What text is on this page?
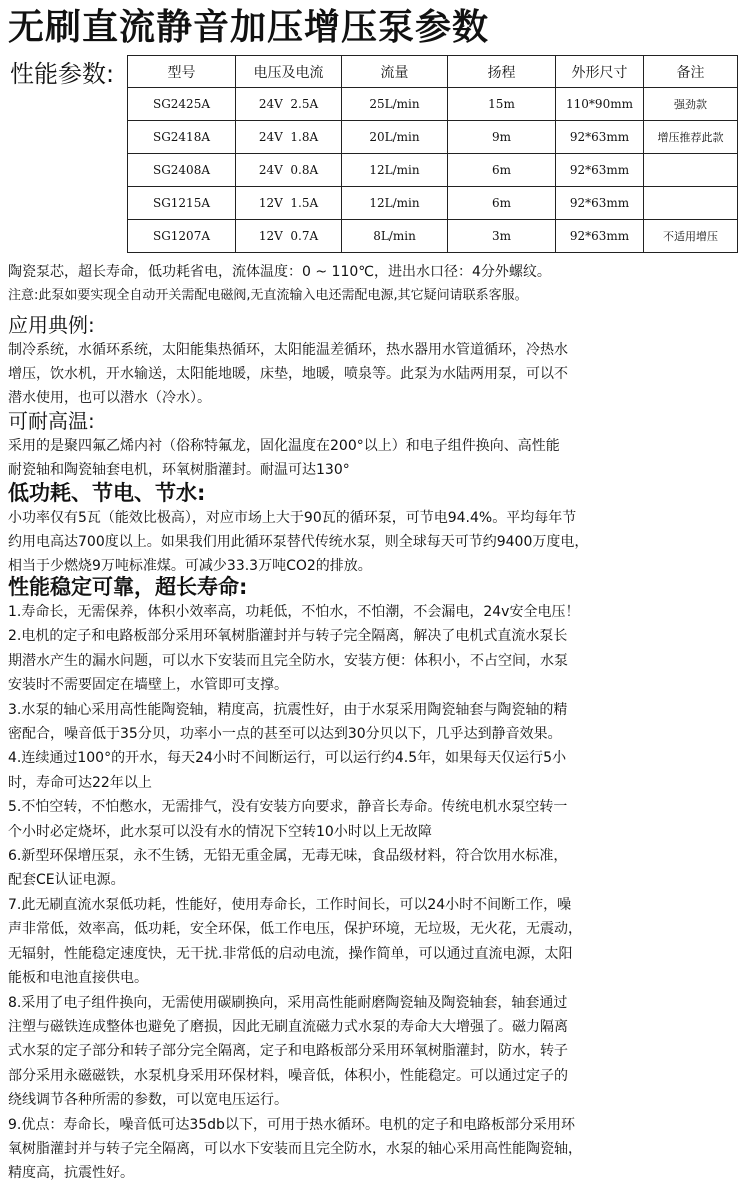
无刷直流静音加压增压泵参数
性能参数:	型号	电压及电流	流量	扬程	外形尺寸	备注
SG2425A	24V  2.5A	25L/min	15m	110*90mm	强劲款
SG2418A	24V  1.8A	20L/min	9m	92*63mm	增压推荐此款
SG2408A	24V  0.8A	12L/min	6m	92*63mm	
SG1215A	12V  1.5A	12L/min	6m	92*63mm	
SG1207A	12V  0.7A	8L/min	3m	92*63mm	不适用增压

陶瓷泵芯，超长寿命，低功耗省电，流体温度：0 ~ 110℃，进出水口径：4分外螺纹。

注意:此泵如要实现全自动开关需配电磁阀,无直流输入电还需配电源,其它疑问请联系客服。

应用典例:

制冷系统，水循环系统，太阳能集热循环，太阳能温差循环，热水器用水管道循环，冷热水

增压，饮水机，开水输送，太阳能地暖，床垫，地暖，喷泉等。此泵为水陆两用泵，可以不

潜水使用，也可以潜水（冷水）。

可耐高温:

采用的是聚四氟乙烯内衬（俗称特氟龙，固化温度在200°以上）和电子组件换向、高性能

耐瓷轴和陶瓷轴套电机，环氧树脂灌封。耐温可达130°

低功耗、节电、节水:

小功率仅有5瓦（能效比极高），对应市场上大于90瓦的循环泵，可节电94.4%。平均每年节

约用电高达700度以上。如果我们用此循环泵替代传统水泵，则全球每天可节约9400万度电，

相当于少燃烧9万吨标准煤。可减少33.3万吨CO2的排放。

性能稳定可靠，超长寿命:

1.寿命长，无需保养，体积小效率高，功耗低，不怕水，不怕潮，不会漏电，24v安全电压！

2.电机的定子和电路板部分采用环氧树脂灌封并与转子完全隔离，解决了电机式直流水泵长

期潜水产生的漏水问题，可以水下安装而且完全防水，安装方便：体积小，不占空间，水泵

安装时不需要固定在墙壁上，水管即可支撑。

3.水泵的轴心采用高性能陶瓷轴，精度高，抗震性好，由于水泵采用陶瓷轴套与陶瓷轴的精

密配合，噪音低于35分贝，功率小一点的甚至可以达到30分贝以下，几乎达到静音效果。

4.连续通过100°的开水，每天24小时不间断运行，可以运行约4.5年，如果每天仅运行5小

时，寿命可达22年以上

5.不怕空转，不怕憋水，无需排气，没有安装方向要求，静音长寿命。传统电机水泵空转一

个小时必定烧坏，此水泵可以没有水的情况下空转10小时以上无故障

6.新型环保增压泵，永不生锈，无铅无重金属，无毒无味，食品级材料，符合饮用水标准，

配套CE认证电源。

7.此无刷直流水泵低功耗，性能好，使用寿命长，工作时间长，可以24小时不间断工作，噪

声非常低，效率高，低功耗，安全环保，低工作电压，保护环境，无垃圾，无火花，无震动，

无辐射，性能稳定速度快，无干扰.非常低的启动电流，操作简单，可以通过直流电源，太阳

能板和电池直接供电。

8.采用了电子组件换向，无需使用碳刷换向，采用高性能耐磨陶瓷轴及陶瓷轴套，轴套通过

注塑与磁铁连成整体也避免了磨损，因此无刷直流磁力式水泵的寿命大大增强了。磁力隔离

式水泵的定子部分和转子部分完全隔离，定子和电路板部分采用环氧树脂灌封，防水，转子

部分采用永磁磁铁，水泵机身采用环保材料，噪音低，体积小，性能稳定。可以通过定子的

绕线调节各种所需的参数，可以宽电压运行。

9.优点：寿命长，噪音低可达35db以下，可用于热水循环。电机的定子和电路板部分采用环

氧树脂灌封并与转子完全隔离，可以水下安装而且完全防水，水泵的轴心采用高性能陶瓷轴，

精度高，抗震性好。
